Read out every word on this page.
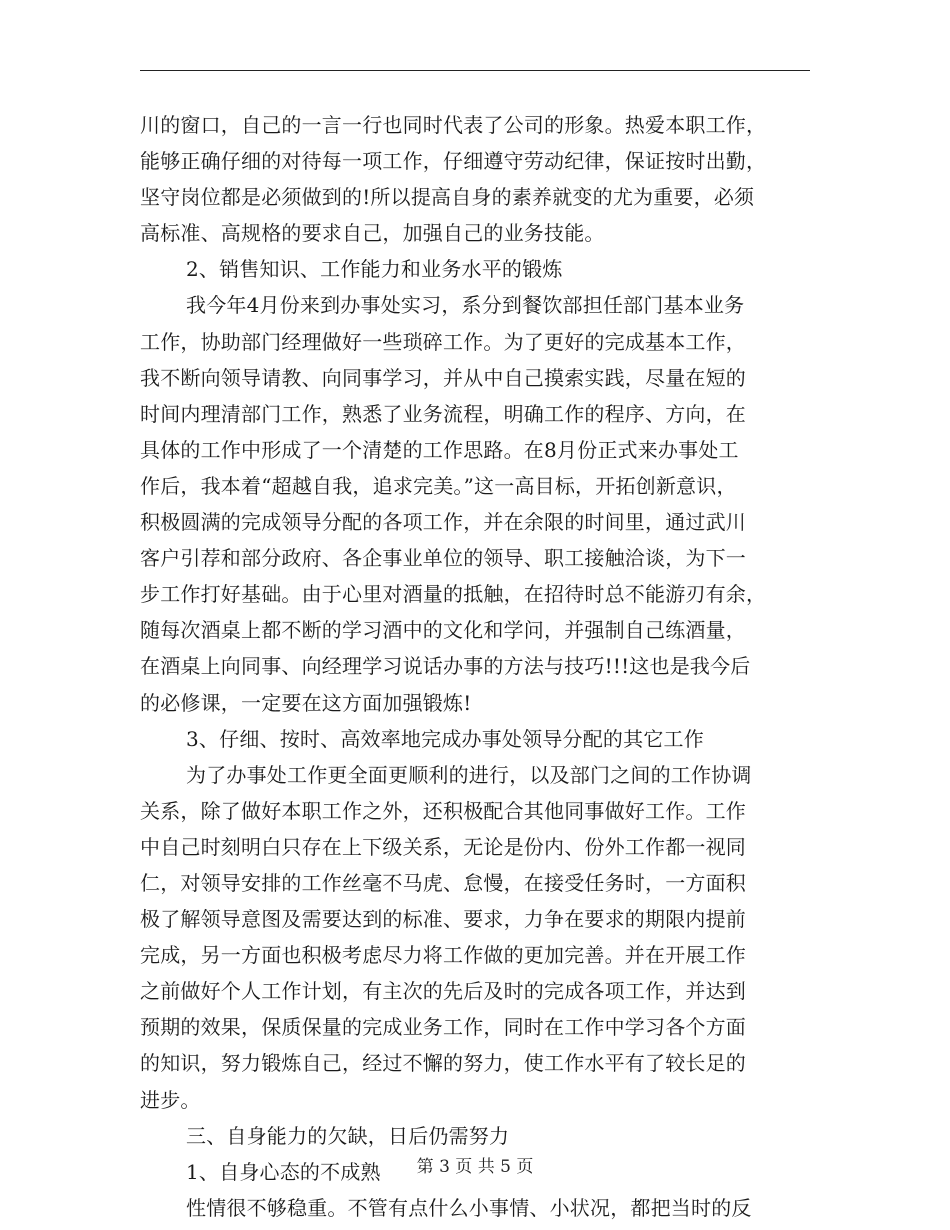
川的窗口，自己的一言一行也同时代表了公司的形象。热爱本职工作，
能够正确仔细的对待每一项工作，仔细遵守劳动纪律，保证按时出勤，
坚守岗位都是必须做到的!所以提高自身的素养就变的尤为重要，必须
高标准、高规格的要求自己，加强自己的业务技能。
2、销售知识、工作能力和业务水平的锻炼
我今年4月份来到办事处实习，系分到餐饮部担任部门基本业务
工作，协助部门经理做好一些琐碎工作。为了更好的完成基本工作，
我不断向领导请教、向同事学习，并从中自己摸索实践，尽量在短的
时间内理清部门工作，熟悉了业务流程，明确工作的程序、方向，在
具体的工作中形成了一个清楚的工作思路。在8月份正式来办事处工
作后，我本着“超越自我，追求完美。”这一高目标，开拓创新意识，
积极圆满的完成领导分配的各项工作，并在余限的时间里，通过武川
客户引荐和部分政府、各企事业单位的领导、职工接触洽谈，为下一
步工作打好基础。由于心里对酒量的抵触，在招待时总不能游刃有余，
随每次酒桌上都不断的学习酒中的文化和学问，并强制自己练酒量，
在酒桌上向同事、向经理学习说话办事的方法与技巧!!!这也是我今后
的必修课，一定要在这方面加强锻炼!
3、仔细、按时、高效率地完成办事处领导分配的其它工作
为了办事处工作更全面更顺利的进行，以及部门之间的工作协调
关系，除了做好本职工作之外，还积极配合其他同事做好工作。工作
中自己时刻明白只存在上下级关系，无论是份内、份外工作都一视同
仁，对领导安排的工作丝毫不马虎、怠慢，在接受任务时，一方面积
极了解领导意图及需要达到的标准、要求，力争在要求的期限内提前
完成，另一方面也积极考虑尽力将工作做的更加完善。并在开展工作
之前做好个人工作计划，有主次的先后及时的完成各项工作，并达到
预期的效果，保质保量的完成业务工作，同时在工作中学习各个方面
的知识，努力锻炼自己，经过不懈的努力，使工作水平有了较长足的
进步。
三、自身能力的欠缺，日后仍需努力
1、自身心态的不成熟
性情很不够稳重。不管有点什么小事情、小状况，都把当时的反
第 3 页 共 5 页
